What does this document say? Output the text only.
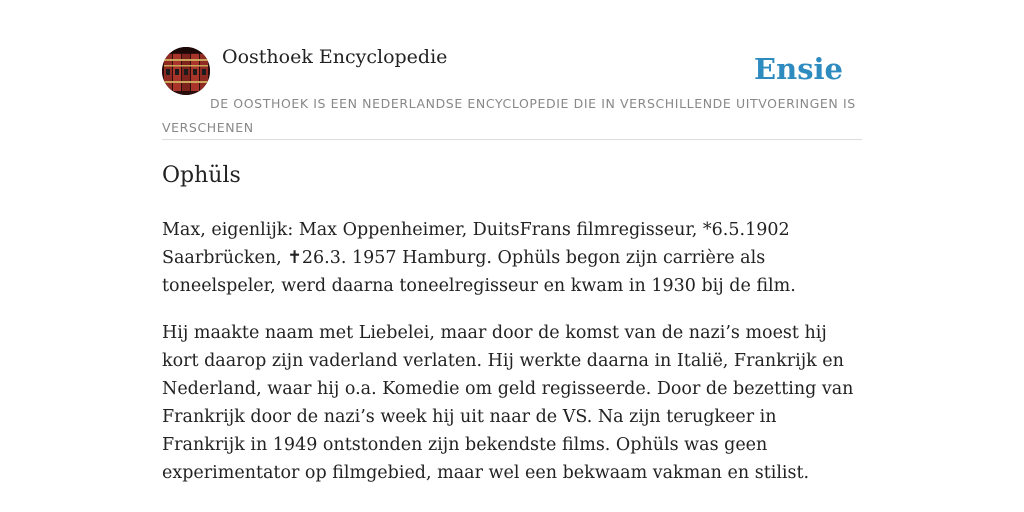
Oosthoek Encyclopedie	Ensie
DE OOSTHOEK IS EEN NEDERLANDSE ENCYCLOPEDIE DIE IN VERSCHILLENDE UITVOERINGEN IS VERSCHENEN
Ophüls

Max, eigenlijk: Max Oppenheimer, DuitsFrans filmregisseur, *6.5.1902 Saarbrücken, ✝26.3. 1957 Hamburg. Ophüls begon zijn carrière als toneelspeler, werd daarna toneelregisseur en kwam in 1930 bij de film.

Hij maakte naam met Liebelei, maar door de komst van de nazi’s moest hij kort daarop zijn vaderland verlaten. Hij werkte daarna in Italië, Frankrijk en Nederland, waar hij o.a. Komedie om geld regisseerde. Door de bezetting van Frankrijk door de nazi’s week hij uit naar de VS. Na zijn terugkeer in Frankrijk in 1949 ontstonden zijn bekendste films. Ophüls was geen experimentator op filmgebied, maar wel een bekwaam vakman en stilist.
